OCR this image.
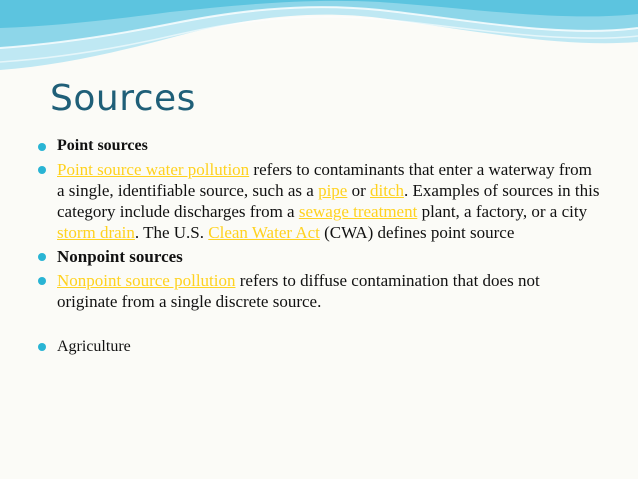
Sources
Point sources
Point source water pollution refers to contaminants that enter a waterway from a single, identifiable source, such as a pipe or ditch. Examples of sources in this category include discharges from a sewage treatment plant, a factory, or a city storm drain. The U.S. Clean Water Act (CWA) defines point source
Nonpoint sources
Nonpoint source pollution refers to diffuse contamination that does not originate from a single discrete source.
Agriculture
